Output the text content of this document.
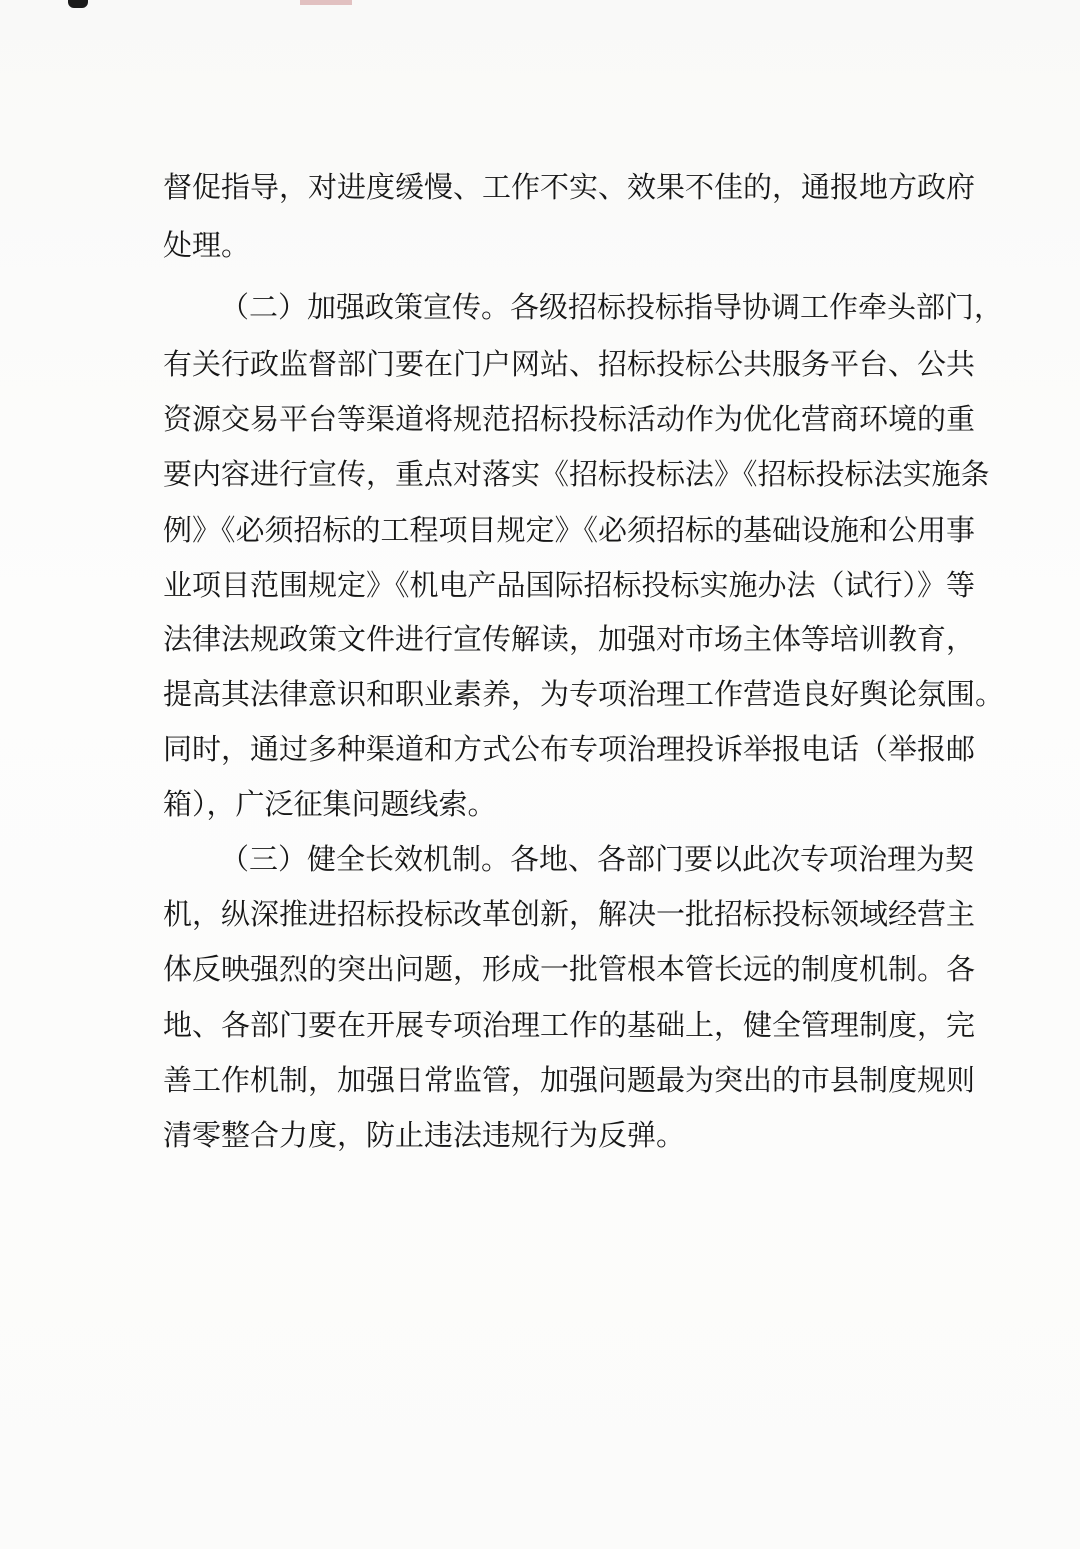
督促指导，对进度缓慢、工作不实、效果不佳的，通报地方政府
处理。
（二）加强政策宣传。各级招标投标指导协调工作牵头部门，
有关行政监督部门要在门户网站、招标投标公共服务平台、公共
资源交易平台等渠道将规范招标投标活动作为优化营商环境的重
要内容进行宣传，重点对落实《招标投标法》《招标投标法实施条
例》《必须招标的工程项目规定》《必须招标的基础设施和公用事
业项目范围规定》《机电产品国际招标投标实施办法（试行）》等
法律法规政策文件进行宣传解读，加强对市场主体等培训教育，
提高其法律意识和职业素养，为专项治理工作营造良好舆论氛围。
同时，通过多种渠道和方式公布专项治理投诉举报电话（举报邮
箱），广泛征集问题线索。
（三）健全长效机制。各地、各部门要以此次专项治理为契
机，纵深推进招标投标改革创新，解决一批招标投标领域经营主
体反映强烈的突出问题，形成一批管根本管长远的制度机制。各
地、各部门要在开展专项治理工作的基础上，健全管理制度，完
善工作机制，加强日常监管，加强问题最为突出的市县制度规则
清零整合力度，防止违法违规行为反弹。
